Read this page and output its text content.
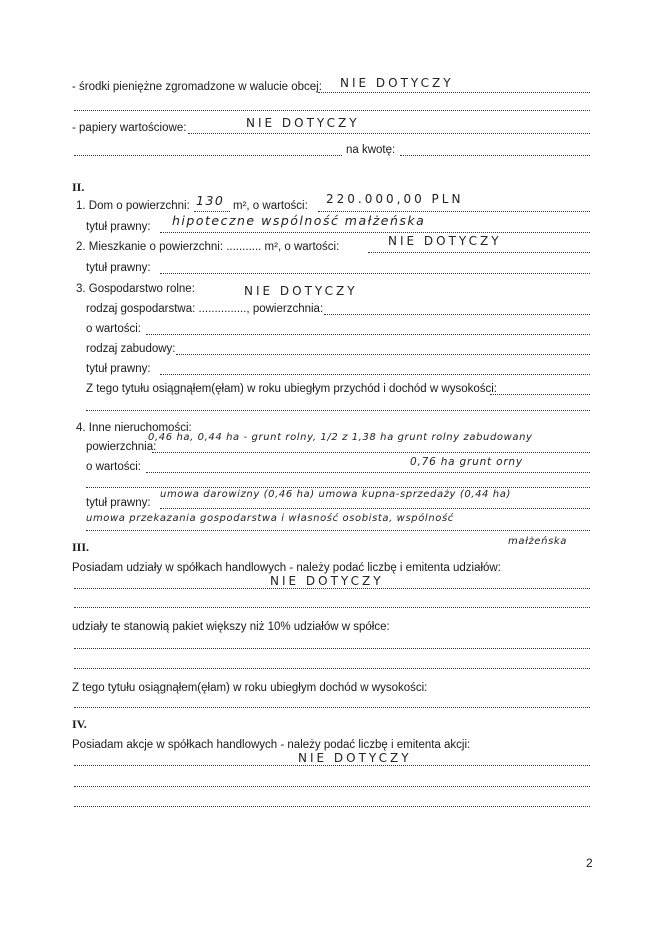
- środki pieniężne zgromadzone w walucie obcej: NIE DOTYCZY
- papiery wartościowe:	NIE DOTYCZY
na kwotę:
II.
1. Dom o powierzchni: 130 m², o wartości: 220.000,00 PLN
tytuł prawny: hipoteczne wspólność małżeńska
2. Mieszkanie o powierzchni: ........... m², o wartości:	NIE DOTYCZY
tytuł prawny:
3. Gospodarstwo rolne:	NIE DOTYCZY
rodzaj gospodarstwa: ..............., powierzchnia:
o wartości:
rodzaj zabudowy:
tytuł prawny:
Z tego tytułu osiągnąłem(ęłam) w roku ubiegłym przychód i dochód w wysokości:
4. Inne nieruchomości:
powierzchnia:
0,46 ha, 0,44 ha - grunt rolny, 1/2 z 1,38 ha grunt rolny zabudowany
o wartości:	0,76 ha grunt orny
tytuł prawny:
umowa darowizny (0,46 ha) umowa kupna-sprzedaży (0,44 ha)
umowa przekazania gospodarstwa i własność osobista, wspólność
małżeńska
III.
Posiadam udziały w spółkach handlowych - należy podać liczbę i emitenta udziałów:
NIE DOTYCZY
udziały te stanowią pakiet większy niż 10% udziałów w spółce:
Z tego tytułu osiągnąłem(ęłam) w roku ubiegłym dochód w wysokości:
IV.
Posiadam akcje w spółkach handlowych - należy podać liczbę i emitenta akcji:
NIE DOTYCZY
2
